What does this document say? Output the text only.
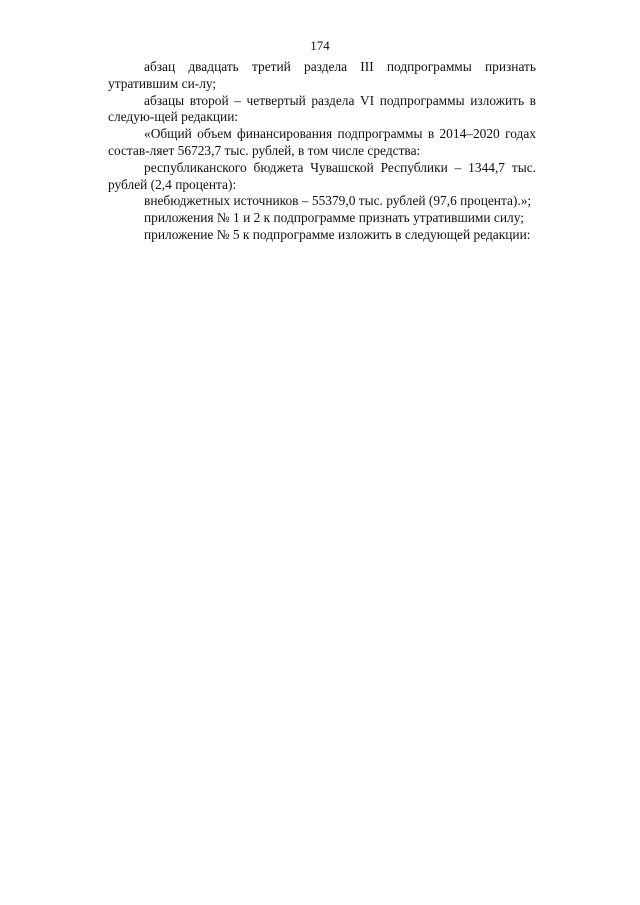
174

абзац двадцать третий раздела III подпрограммы признать утратившим си-лу;

абзацы второй – четвертый раздела VI подпрограммы изложить в следую-щей редакции:

«Общий объем финансирования подпрограммы в 2014–2020 годах состав-ляет 56723,7 тыс. рублей, в том числе средства:

республиканского бюджета Чувашской Республики – 1344,7 тыс. рублей (2,4 процента):

внебюджетных источников – 55379,0 тыс. рублей (97,6 процента).»;

приложения № 1 и 2 к подпрограмме признать утратившими силу;

приложение № 5 к подпрограмме изложить в следующей редакции:
